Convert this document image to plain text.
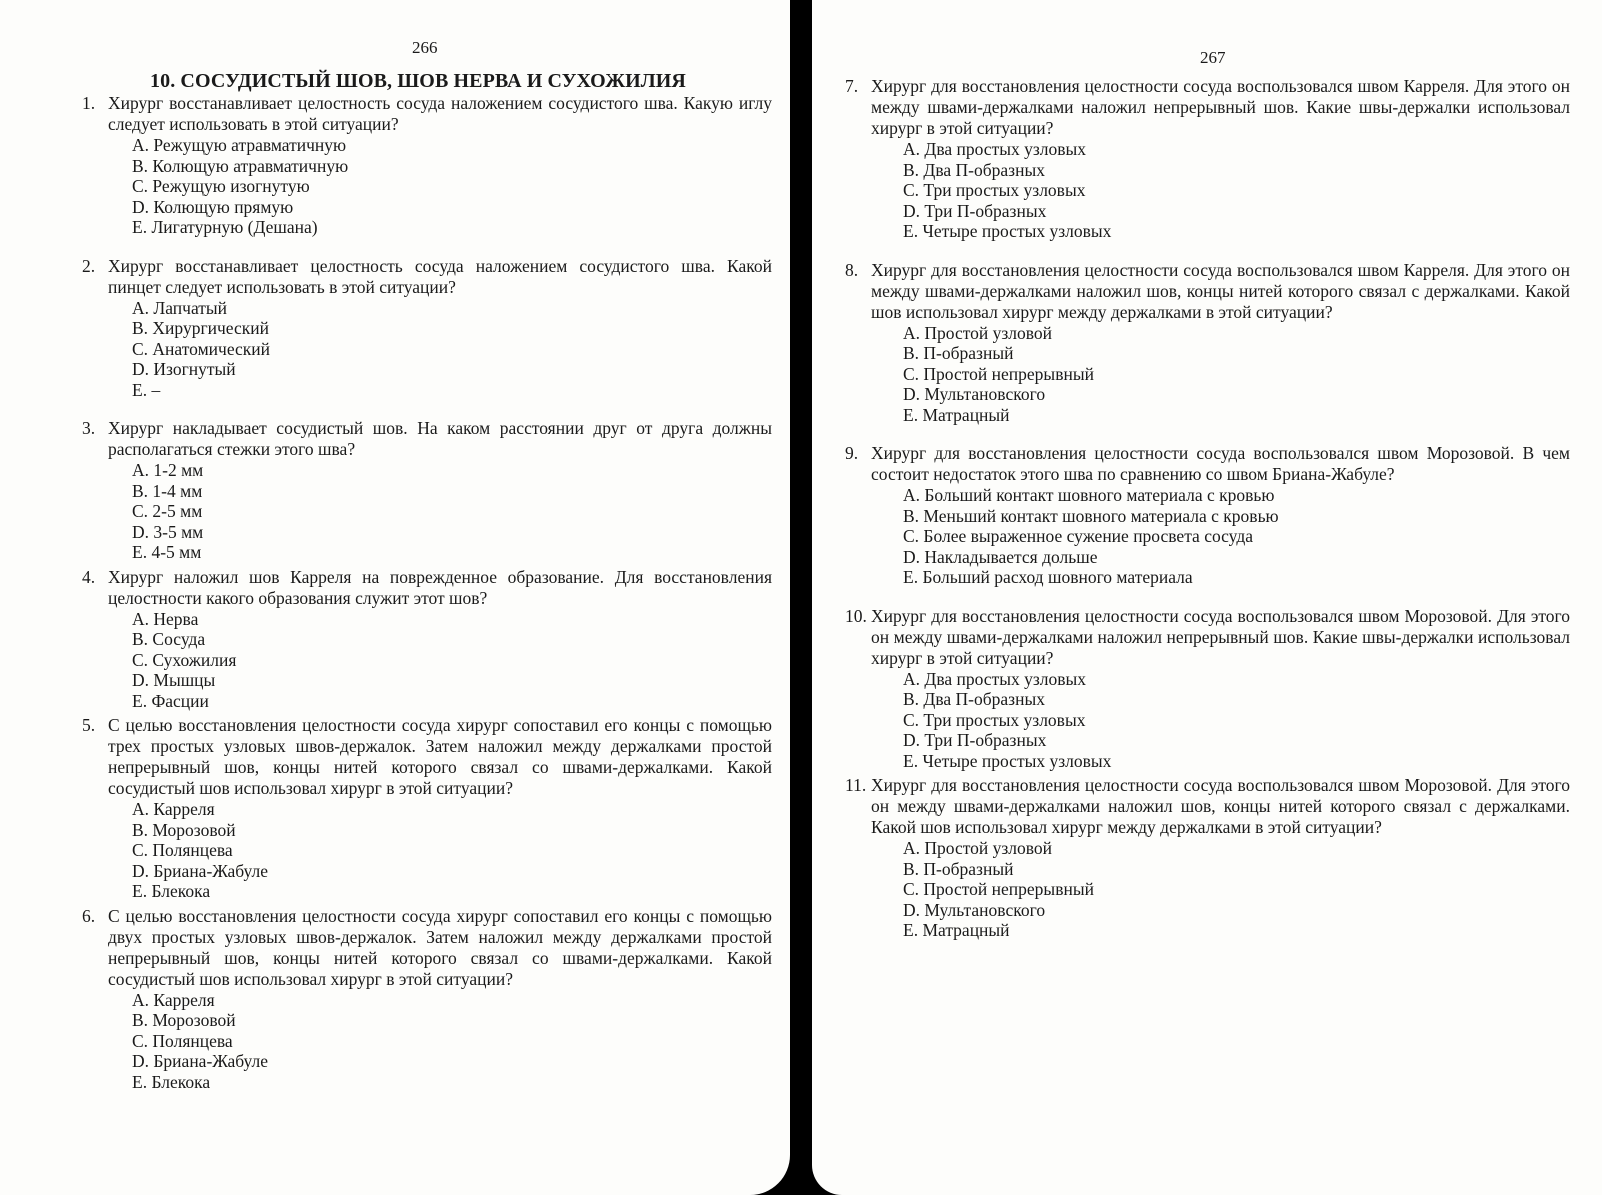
266
10. СОСУДИСТЫЙ ШОВ, ШОВ НЕРВА И СУХОЖИЛИЯ
1. Хирург восстанавливает целостность сосуда наложением сосудистого шва. Какую иглу следует использовать в этой ситуации?
A. Режущую атравматичную
B. Колющую атравматичную
C. Режущую изогнутую
D. Колющую прямую
E. Лигатурную (Дешана)
2. Хирург восстанавливает целостность сосуда наложением сосудистого шва. Какой пинцет следует использовать в этой ситуации?
A. Лапчатый
B. Хирургический
C. Анатомический
D. Изогнутый
E. –
3. Хирург накладывает сосудистый шов. На каком расстоянии друг от друга должны располагаться стежки этого шва?
A. 1-2 мм
B. 1-4 мм
C. 2-5 мм
D. 3-5 мм
E. 4-5 мм
4. Хирург наложил шов Карреля на поврежденное образование. Для восстановления целостности какого образования служит этот шов?
A. Нерва
B. Сосуда
C. Сухожилия
D. Мышцы
E. Фасции
5. С целью восстановления целостности сосуда хирург сопоставил его концы с помощью трех простых узловых швов-держалок. Затем наложил между держалками простой непрерывный шов, концы нитей которого связал со швами-держалками. Какой сосудистый шов использовал хирург в этой ситуации?
A. Карреля
B. Морозовой
C. Полянцева
D. Бриана-Жабуле
E. Блекока
6. С целью восстановления целостности сосуда хирург сопоставил его концы с помощью двух простых узловых швов-держалок. Затем наложил между держалками простой непрерывный шов, концы нитей которого связал со швами-держалками. Какой сосудистый шов использовал хирург в этой ситуации?
A. Карреля
B. Морозовой
C. Полянцева
D. Бриана-Жабуле
E. Блекока
267
7. Хирург для восстановления целостности сосуда воспользовался швом Карреля. Для этого он между швами-держалками наложил непрерывный шов. Какие швы-держалки использовал хирург в этой ситуации?
A. Два простых узловых
B. Два П-образных
C. Три простых узловых
D. Три П-образных
E. Четыре простых узловых
8. Хирург для восстановления целостности сосуда воспользовался швом Карреля. Для этого он между швами-держалками наложил шов, концы нитей которого связал с держалками. Какой шов использовал хирург между держалками в этой ситуации?
A. Простой узловой
B. П-образный
C. Простой непрерывный
D. Мультановского
E. Матрацный
9. Хирург для восстановления целостности сосуда воспользовался швом Морозовой. В чем состоит недостаток этого шва по сравнению со швом Бриана-Жабуле?
A. Больший контакт шовного материала с кровью
B. Меньший контакт шовного материала с кровью
C. Более выраженное сужение просвета сосуда
D. Накладывается дольше
E. Больший расход шовного материала
10. Хирург для восстановления целостности сосуда воспользовался швом Морозовой. Для этого он между швами-держалками наложил непрерывный шов. Какие швы-держалки использовал хирург в этой ситуации?
A. Два простых узловых
B. Два П-образных
C. Три простых узловых
D. Три П-образных
E. Четыре простых узловых
11. Хирург для восстановления целостности сосуда воспользовался швом Морозовой. Для этого он между швами-держалками наложил шов, концы нитей которого связал с держалками. Какой шов использовал хирург между держалками в этой ситуации?
A. Простой узловой
B. П-образный
C. Простой непрерывный
D. Мультановского
E. Матрацный
